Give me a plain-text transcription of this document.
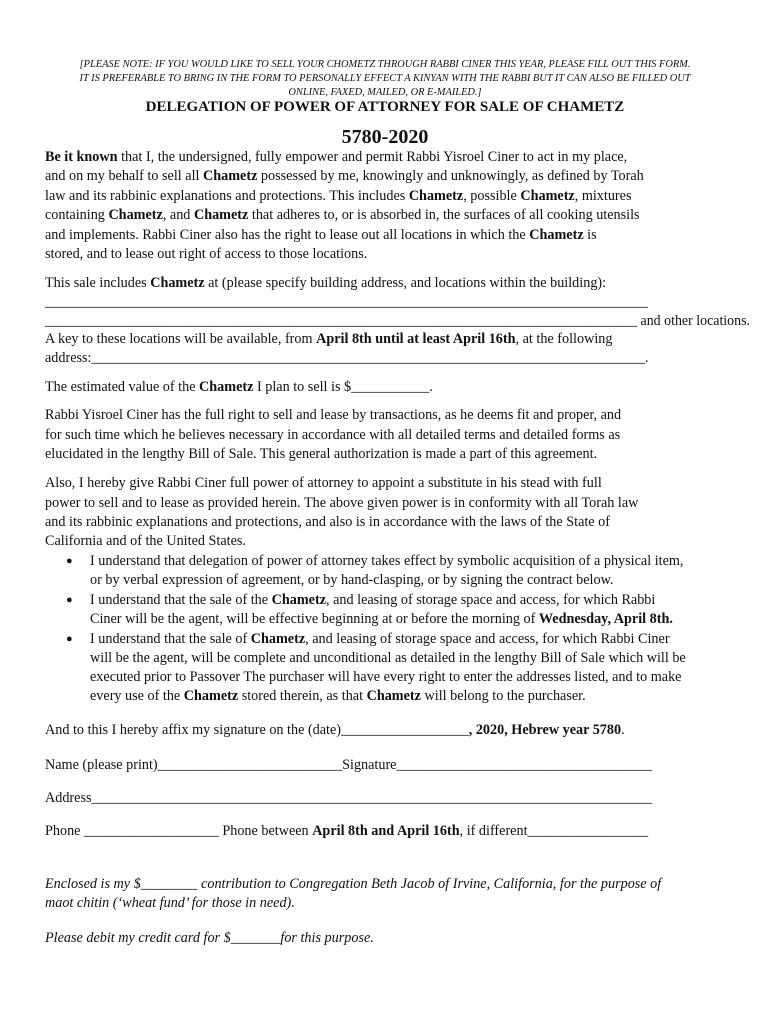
[PLEASE NOTE: IF YOU WOULD LIKE TO SELL YOUR CHOMETZ THROUGH RABBI CINER THIS YEAR, PLEASE FILL OUT THIS FORM.
IT IS PREFERABLE TO BRING IN THE FORM TO PERSONALLY EFFECT A KINYAN WITH THE RABBI BUT IT CAN ALSO BE FILLED OUT
ONLINE, FAXED, MAILED, OR E-MAILED.]
DELEGATION OF POWER OF ATTORNEY FOR SALE OF CHAMETZ
5780-2020
Be it known that I, the undersigned, fully empower and permit Rabbi Yisroel Ciner to act in my place,
and on my behalf to sell all Chametz possessed by me, knowingly and unknowingly, as defined by Torah
law and its rabbinic explanations and protections. This includes Chametz, possible Chametz, mixtures
containing Chametz, and Chametz that adheres to, or is absorbed in, the surfaces of all cooking utensils
and implements. Rabbi Ciner also has the right to lease out all locations in which the Chametz is
stored, and to lease out right of access to those locations.
This sale includes Chametz at (please specify building address, and locations within the building):
_____________________________________________________________________________________
_____________________________________________________________________________________ and other locations.
A key to these locations will be available, from April 8th until at least April 16th, at the following
address:______________________________________________________________________________.
The estimated value of the Chametz I plan to sell is $___________.
Rabbi Yisroel Ciner has the full right to sell and lease by transactions, as he deems fit and proper, and
for such time which he believes necessary in accordance with all detailed terms and detailed forms as
elucidated in the lengthy Bill of Sale. This general authorization is made a part of this agreement.
Also, I hereby give Rabbi Ciner full power of attorney to appoint a substitute in his stead with full
power to sell and to lease as provided herein. The above given power is in conformity with all Torah law
and its rabbinic explanations and protections, and also is in accordance with the laws of the State of
California and of the United States.
● I understand that delegation of power of attorney takes effect by symbolic acquisition of a physical item,
or by verbal expression of agreement, or by hand-clasping, or by signing the contract below.
● I understand that the sale of the Chametz, and leasing of storage space and access, for which Rabbi
Ciner will be the agent, will be effective beginning at or before the morning of Wednesday, April 8th.
● I understand that the sale of Chametz, and leasing of storage space and access, for which Rabbi Ciner
will be the agent, will be complete and unconditional as detailed in the lengthy Bill of Sale which will be
executed prior to Passover The purchaser will have every right to enter the addresses listed, and to make
every use of the Chametz stored therein, as that Chametz will belong to the purchaser.
And to this I hereby affix my signature on the (date)__________________, 2020, Hebrew year 5780.
Name (please print)__________________________Signature____________________________________
Address_______________________________________________________________________________
Phone ___________________ Phone between April 8th and April 16th, if different_________________
Enclosed is my $________ contribution to Congregation Beth Jacob of Irvine, California, for the purpose of
maot chitin (‘wheat fund’ for those in need).
Please debit my credit card for $_______for this purpose.
